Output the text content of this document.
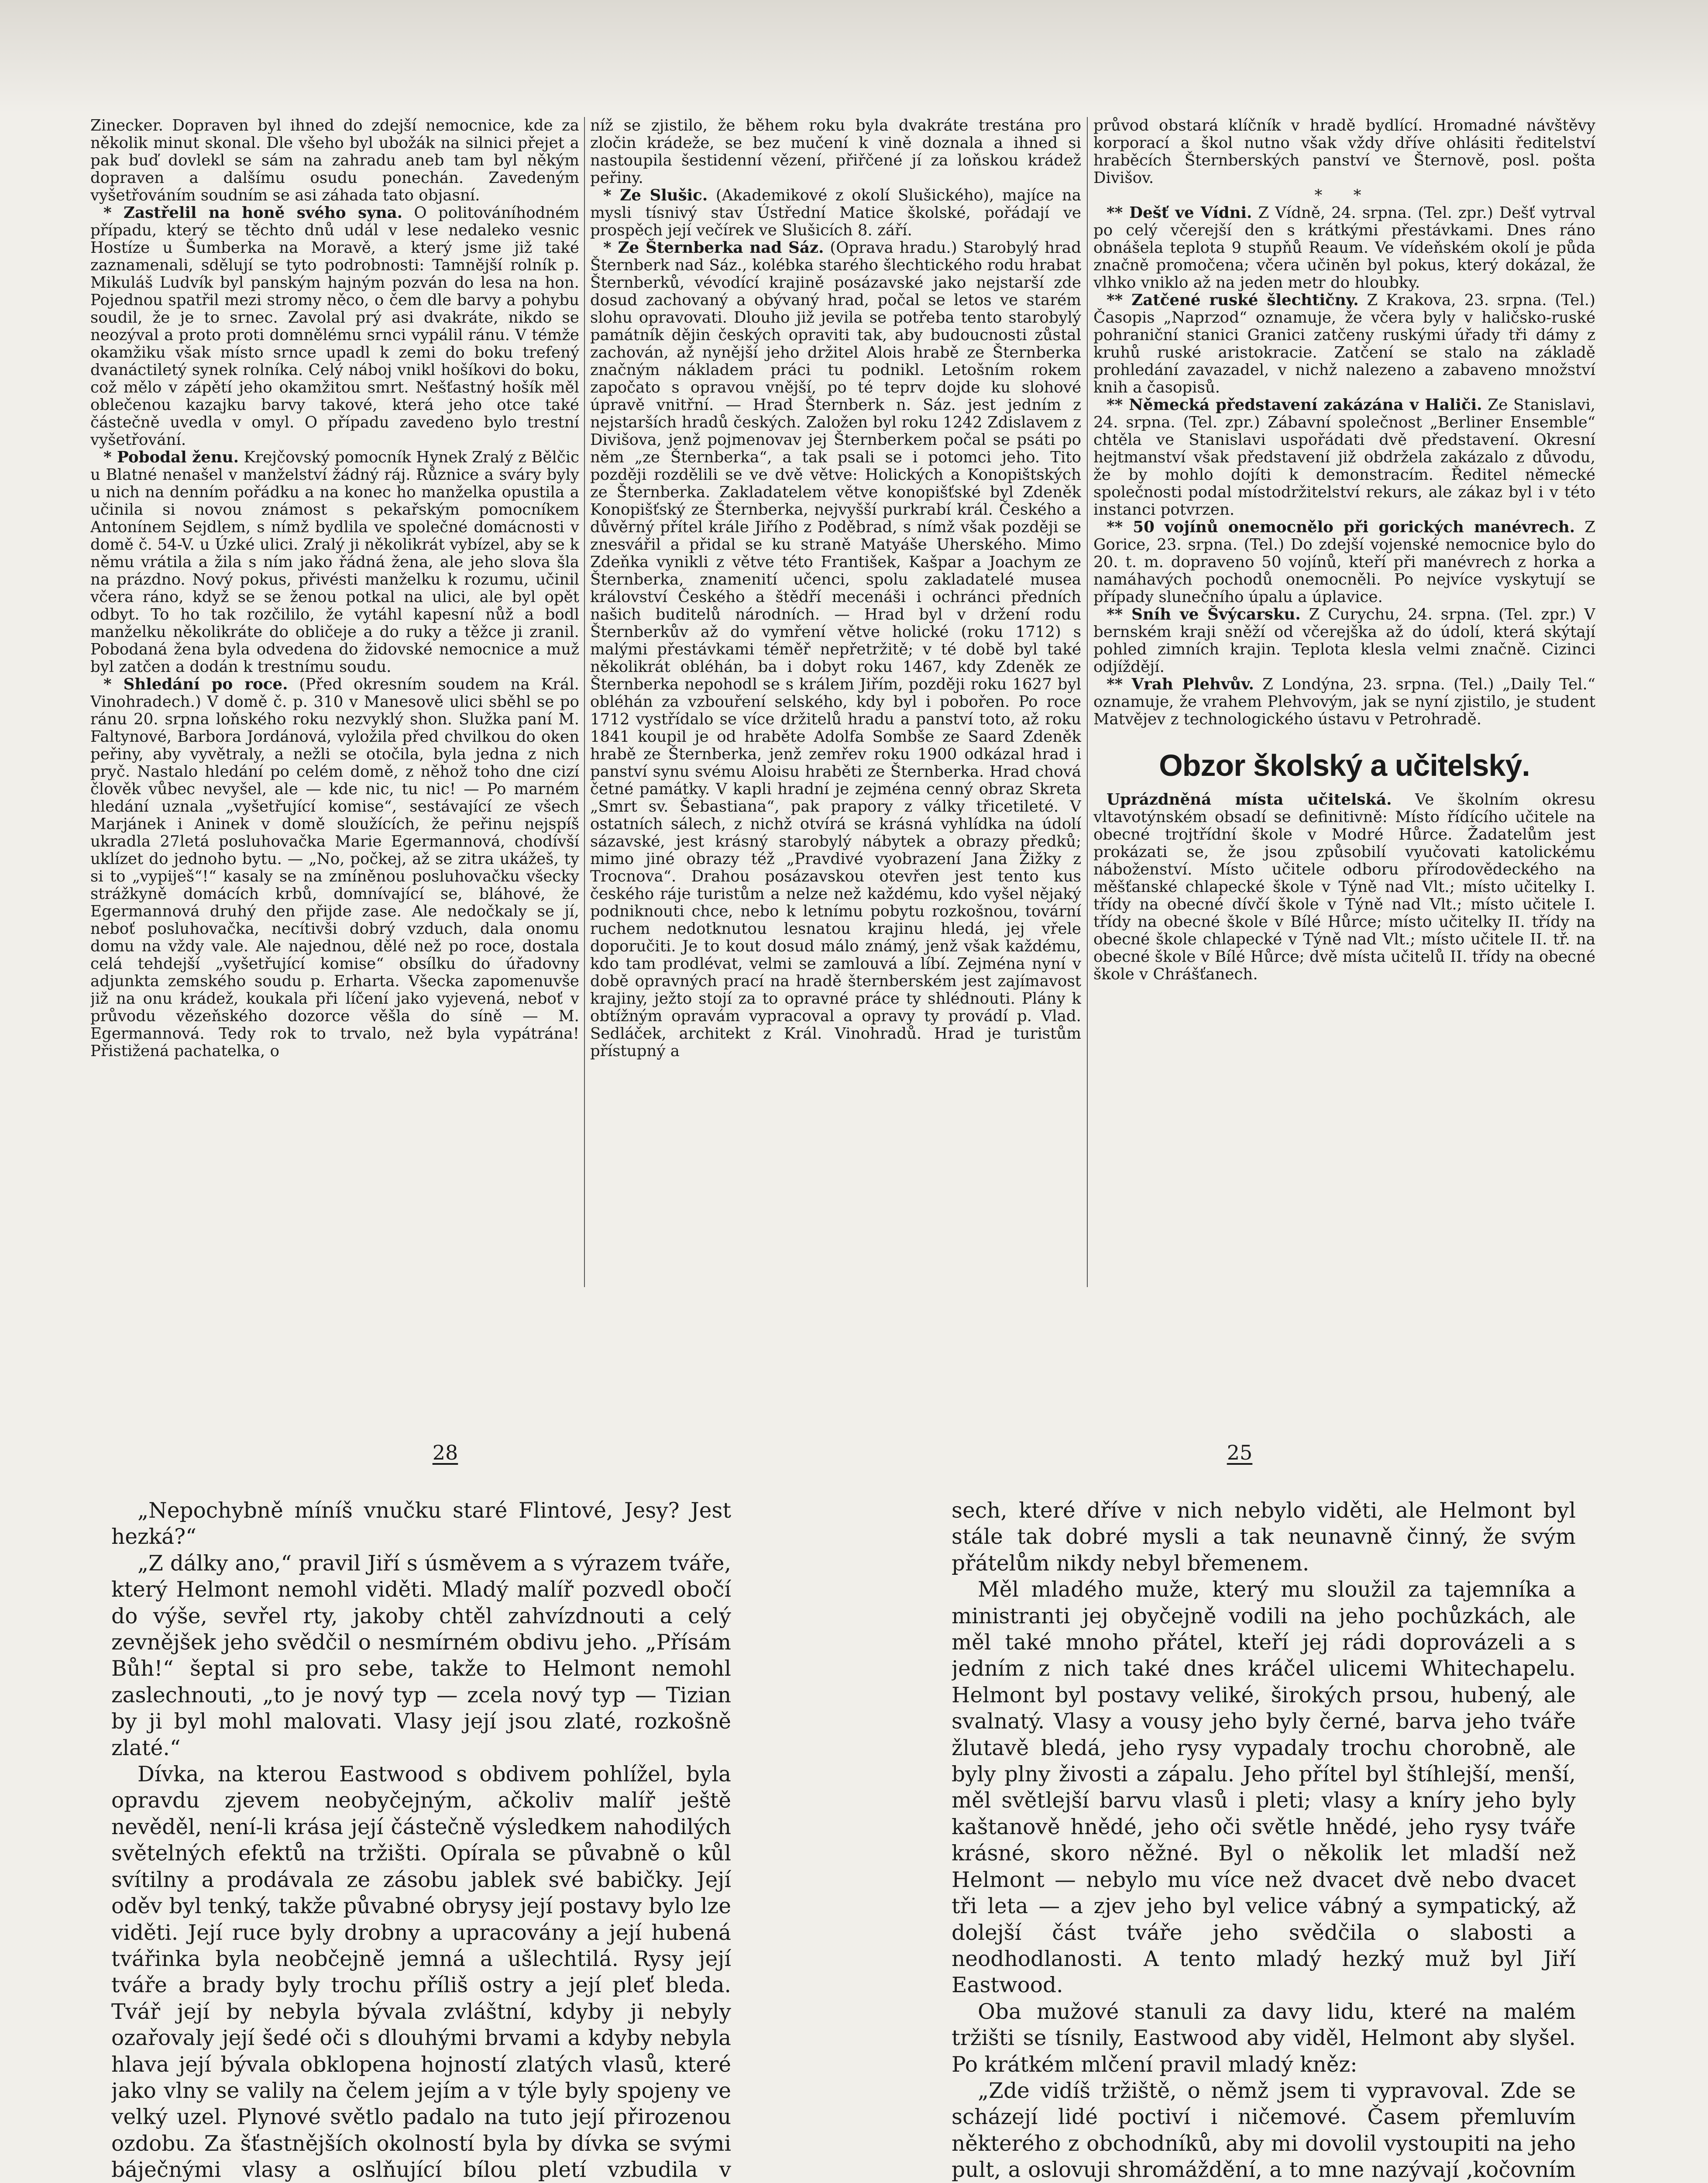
Zinecker. Dopraven byl ihned do zdejší nemocnice, kde za několik minut skonal. Dle všeho byl ubožák na silnici přejet a pak buď dovlekl se sám na zahradu aneb tam byl někým dopraven a dalšímu osudu ponechán. Zavedeným vyšetřováním soudním se asi záhada tato objasní.

* Zastřelil na honě svého syna. O politováníhodném případu, který se těchto dnů udál v lese nedaleko vesnic Hostíze u Šumberka na Moravě, a který jsme již také zaznamenali, sdělují se tyto podrobnosti: Tamnější rolník p. Mikuláš Ludvík byl panským hajným pozván do lesa na hon. Pojednou spatřil mezi stromy něco, o čem dle barvy a pohybu soudil, že je to srnec. Zavolal prý asi dvakráte, nikdo se neozýval a proto proti domnělému srnci vypálil ránu. V témže okamžiku však místo srnce upadl k zemi do boku trefený dvanáctiletý synek rolníka. Celý náboj vnikl hošíkovi do boku, což mělo v zápětí jeho okamžitou smrt. Nešťastný hošík měl oblečenou kazajku barvy takové, která jeho otce také částečně uvedla v omyl. O případu zavedeno bylo trestní vyšetřování.

* Pobodal ženu. Krejčovský pomocník Hynek Zralý z Bělčic u Blatné nenašel v manželství žádný ráj. Různice a sváry byly u nich na denním pořádku a na konec ho manželka opustila a učinila si novou známost s pekařským pomocníkem Antonínem Sejdlem, s nímž bydlila ve společné domácnosti v domě č. 54-V. u Úzké ulici. Zralý ji několikrát vybízel, aby se k němu vrátila a žila s ním jako řádná žena, ale jeho slova šla na prázdno. Nový pokus, přivésti manželku k rozumu, učinil včera ráno, když se se ženou potkal na ulici, ale byl opět odbyt. To ho tak rozčililo, že vytáhl kapesní nůž a bodl manželku několikráte do obličeje a do ruky a těžce ji zranil. Pobodaná žena byla odvedena do židovské nemocnice a muž byl zatčen a dodán k trestnímu soudu.

* Shledání po roce. (Před okresním soudem na Král. Vinohradech.) V domě č. p. 310 v Manesově ulici sběhl se po ránu 20. srpna loňského roku nezvyklý shon. Služka paní M. Faltynové, Barbora Jordánová, vyložila před chvilkou do oken peřiny, aby vyvětraly, a nežli se otočila, byla jedna z nich pryč. Nastalo hledání po celém domě, z něhož toho dne cizí člověk vůbec nevyšel, ale — kde nic, tu nic! — Po marném hledání uznala „vyšetřující komise“, sestávající ze všech Marjánek i Aninek v domě sloužících, že peřinu nejspíš ukradla 27letá posluhovačka Marie Egermannová, chodívší uklízet do jednoho bytu. — „No, počkej, až se zitra ukážeš, ty si to „vypiješ“!“ kasaly se na zmíněnou posluhovačku všecky strážkyně domácích krbů, domnívající se, bláhové, že Egermannová druhý den přijde zase. Ale nedočkaly se jí, neboť posluhovačka, necítivši dobrý vzduch, dala onomu domu na vždy vale. Ale najednou, dělé než po roce, dostala celá tehdejší „vyšetřující komise“ obsílku do úřadovny adjunkta zemského soudu p. Erharta. Všecka zapomenuvše již na onu krádež, koukala při líčení jako vyjevená, neboť v průvodu vězeňského dozorce věšla do síně — M. Egermannová. Tedy rok to trvalo, než byla vypátrána! Přistižená pachatelka, o

níž se zjistilo, že během roku byla dvakráte trestána pro zločin krádeže, se bez mučení k vině doznala a ihned si nastoupila šestidenní vězení, přiřčené jí za loňskou krádež peřiny.

* Ze Slušic. (Akademikové z okolí Slušického), majíce na mysli tísnivý stav Ústřední Matice školské, pořádají ve prospěch její večírek ve Slušicích 8. září.

* Ze Šternberka nad Sáz. (Oprava hradu.) Starobylý hrad Šternberk nad Sáz., kolébka starého šlechtického rodu hrabat Šternberků, vévodící krajině posázavské jako nejstarší zde dosud zachovaný a obývaný hrad, počal se letos ve starém slohu opravovati. Dlouho již jevila se potřeba tento starobylý památník dějin českých opraviti tak, aby budoucnosti zůstal zachován, až nynější jeho držitel Alois hrabě ze Šternberka značným nákladem práci tu podnikl. Letošním rokem započato s opravou vnější, po té teprv dojde ku slohové úpravě vnitřní. — Hrad Šternberk n. Sáz. jest jedním z nejstarších hradů českých. Založen byl roku 1242 Zdislavem z Divišova, jenž pojmenovav jej Šternberkem počal se psáti po něm „ze Šternberka“, a tak psali se i potomci jeho. Tito později rozdělili se ve dvě větve: Holických a Konopištských ze Šternberka. Zakladatelem větve konopišťské byl Zdeněk Konopišťský ze Šternberka, nejvyšší purkrabí král. Českého a důvěrný přítel krále Jiřího z Poděbrad, s nímž však později se znesvářil a přidal se ku straně Matyáše Uherského. Mimo Zdeňka vynikli z větve této František, Kašpar a Joachym ze Šternberka, znamenití učenci, spolu zakladatelé musea království Českého a štědří mecenáši i ochránci předních našich buditelů národních. — Hrad byl v držení rodu Šternberkův až do vymření větve holické (roku 1712) s malými přestávkami téměř nepřetržitě; v té době byl také několikrát obléhán, ba i dobyt roku 1467, kdy Zdeněk ze Šternberka nepohodl se s králem Jiřím, později roku 1627 byl obléhán za vzbouření selského, kdy byl i pobořen. Po roce 1712 vystřídalo se více držitelů hradu a panství toto, až roku 1841 koupil je od hraběte Adolfa Sombše ze Saard Zdeněk hrabě ze Šternberka, jenž zemřev roku 1900 odkázal hrad i panství synu svému Aloisu hraběti ze Šternberka. Hrad chová četné památky. V kapli hradní je zejména cenný obraz Skreta „Smrt sv. Šebastiana“, pak prapory z války třicetileté. V ostatních sálech, z nichž otvírá se krásná vyhlídka na údolí sázavské, jest krásný starobylý nábytek a obrazy předků; mimo jiné obrazy též „Pravdivé vyobrazení Jana Žižky z Trocnova“. Drahou posázavskou otevřen jest tento kus českého ráje turistům a nelze než každému, kdo vyšel nějaký podniknouti chce, nebo k letnímu pobytu rozkošnou, tovární ruchem nedotknutou lesnatou krajinu hledá, jej vřele doporučiti. Je to kout dosud málo známý, jenž však každému, kdo tam prodlévat, velmi se zamlouvá a líbí. Zejména nyní v době opravných prací na hradě šternberském jest zajímavost krajiny, ježto stojí za to opravné práce ty shlédnouti. Plány k obtížným opravám vypracoval a opravy ty provádí p. Vlad. Sedláček, architekt z Král. Vinohradů. Hrad je turistům přístupný a

průvod obstará klíčník v hradě bydlící. Hromadné návštěvy korporací a škol nutno však vždy dříve ohlásiti ředitelství hraběcích Šternberských panství ve Šternově, posl. pošta Divišov.

* *

** Dešť ve Vídni. Z Vídně, 24. srpna. (Tel. zpr.) Dešť vytrval po celý včerejší den s krátkými přestávkami. Dnes ráno obnášela teplota 9 stupňů Reaum. Ve vídeňském okolí je půda značně promočena; včera učiněn byl pokus, který dokázal, že vlhko vniklo až na jeden metr do hloubky.

** Zatčené ruské šlechtičny. Z Krakova, 23. srpna. (Tel.) Časopis „Naprzod“ oznamuje, že včera byly v haličsko-ruské pohraniční stanici Granici zatčeny ruskými úřady tři dámy z kruhů ruské aristokracie. Zatčení se stalo na základě prohledání zavazadel, v nichž nalezeno a zabaveno množství knih a časopisů.

** Německá představení zakázána v Haliči. Ze Stanislavi, 24. srpna. (Tel. zpr.) Zábavní společnost „Berliner Ensemble“ chtěla ve Stanislavi uspořádati dvě představení. Okresní hejtmanství však představení již obdržela zakázalo z důvodu, že by mohlo dojíti k demonstracím. Ředitel německé společnosti podal místodržitelství rekurs, ale zákaz byl i v této instanci potvrzen.

** 50 vojínů onemocnělo při gorických manévrech. Z Gorice, 23. srpna. (Tel.) Do zdejší vojenské nemocnice bylo do 20. t. m. dopraveno 50 vojínů, kteří při manévrech z horka a namáhavých pochodů onemocněli. Po nejvíce vyskytují se případy slunečního úpalu a úplavice.

** Sníh ve Švýcarsku. Z Curychu, 24. srpna. (Tel. zpr.) V bernském kraji sněží od včerejška až do údolí, která skýtají pohled zimních krajin. Teplota klesla velmi značně. Cizinci odjíždějí.

** Vrah Plehvův. Z Londýna, 23. srpna. (Tel.) „Daily Tel.“ oznamuje, že vrahem Plehvovým, jak se nyní zjistilo, je student Matvějev z technologického ústavu v Petrohradě.

Obzor školský a učitelský.

Uprázdněná místa učitelská. Ve školním okresu vltavotýnském obsadí se definitivně: Místo řídícího učitele na obecné trojtřídní škole v Modré Hůrce. Žadatelům jest prokázati se, že jsou způsobilí vyučovati katolickému náboženství. Místo učitele odboru přírodovědeckého na měšťanské chlapecké škole v Týně nad Vlt.; místo učitelky I. třídy na obecné dívčí škole v Týně nad Vlt.; místo učitele I. třídy na obecné škole v Bílé Hůrce; místo učitelky II. třídy na obecné škole chlapecké v Týně nad Vlt.; místo učitele II. tř. na obecné škole v Bílé Hůrce; dvě místa učitelů II. třídy na obecné škole v Chrášťanech.

28	25

„Nepochybně míníš vnučku staré Flintové, Jesy? Jest hezká?“

„Z dálky ano,“ pravil Jiří s úsměvem a s výrazem tváře, který Helmont nemohl viděti. Mladý malíř pozvedl obočí do výše, sevřel rty, jakoby chtěl zahvízdnouti a celý zevnějšek jeho svědčil o nesmírném obdivu jeho. „Přísám Bůh!“ šeptal si pro sebe, takže to Helmont nemohl zaslechnouti, „to je nový typ — zcela nový typ — Tizian by ji byl mohl malovati. Vlasy její jsou zlaté, rozkošně zlaté.“

Dívka, na kterou Eastwood s obdivem pohlížel, byla opravdu zjevem neobyčejným, ačkoliv malíř ještě nevěděl, není-li krása její částečně výsledkem nahodilých světelných efektů na tržišti. Opírala se půvabně o kůl svítilny a prodávala ze zásobu jablek své babičky. Její oděv byl tenký, takže půvabné obrysy její postavy bylo lze viděti. Její ruce byly drobny a upracovány a její hubená tvářinka byla neobčejně jemná a ušlechtilá. Rysy její tváře a brady byly trochu příliš ostry a její pleť bleda. Tvář její by nebyla bývala zvláštní, kdyby ji nebyly ozařovaly její šedé oči s dlouhými brvami a kdyby nebyla hlava její bývala obklopena hojností zlatých vlasů, které jako vlny se valily na čelem jejím a v týle byly spojeny ve velký uzel. Plynové světlo padalo na tuto její přirozenou ozdobu. Za šťastnějších okolností byla by dívka se svými báječnými vlasy a oslňující bílou pletí vzbudila v

sech, které dříve v nich nebylo viděti, ale Helmont byl stále tak dobré mysli a tak neunavně činný, že svým přátelům nikdy nebyl břemenem.

Měl mladého muže, který mu sloužil za tajemníka a ministranti jej obyčejně vodili na jeho pochůzkách, ale měl také mnoho přátel, kteří jej rádi doprovázeli a s jedním z nich také dnes kráčel ulicemi Whitechapelu. Helmont byl postavy veliké, širokých prsou, hubený, ale svalnatý. Vlasy a vousy jeho byly černé, barva jeho tváře žlutavě bledá, jeho rysy vypadaly trochu chorobně, ale byly plny živosti a zápalu. Jeho přítel byl štíhlejší, menší, měl světlejší barvu vlasů i pleti; vlasy a kníry jeho byly kaštanově hnědé, jeho oči světle hnědé, jeho rysy tváře krásné, skoro něžné. Byl o několik let mladší než Helmont — nebylo mu více než dvacet dvě nebo dvacet tři leta — a zjev jeho byl velice vábný a sympatický, až dolejší část tváře jeho svědčila o slabosti a neodhodlanosti. A tento mladý hezký muž byl Jiří Eastwood.

Oba mužové stanuli za davy lidu, které na malém tržišti se tísnily, Eastwood aby viděl, Helmont aby slyšel. Po krátkém mlčení pravil mladý kněz:

„Zde vidíš tržiště, o němž jsem ti vypravoval. Zde se scházejí lidé poctiví i ničemové. Časem přemluvím některého z obchodníků, aby mi dovolil vystoupiti na jeho pult, a oslovuji shromáždění, a to mne nazývají ‚kočovním
